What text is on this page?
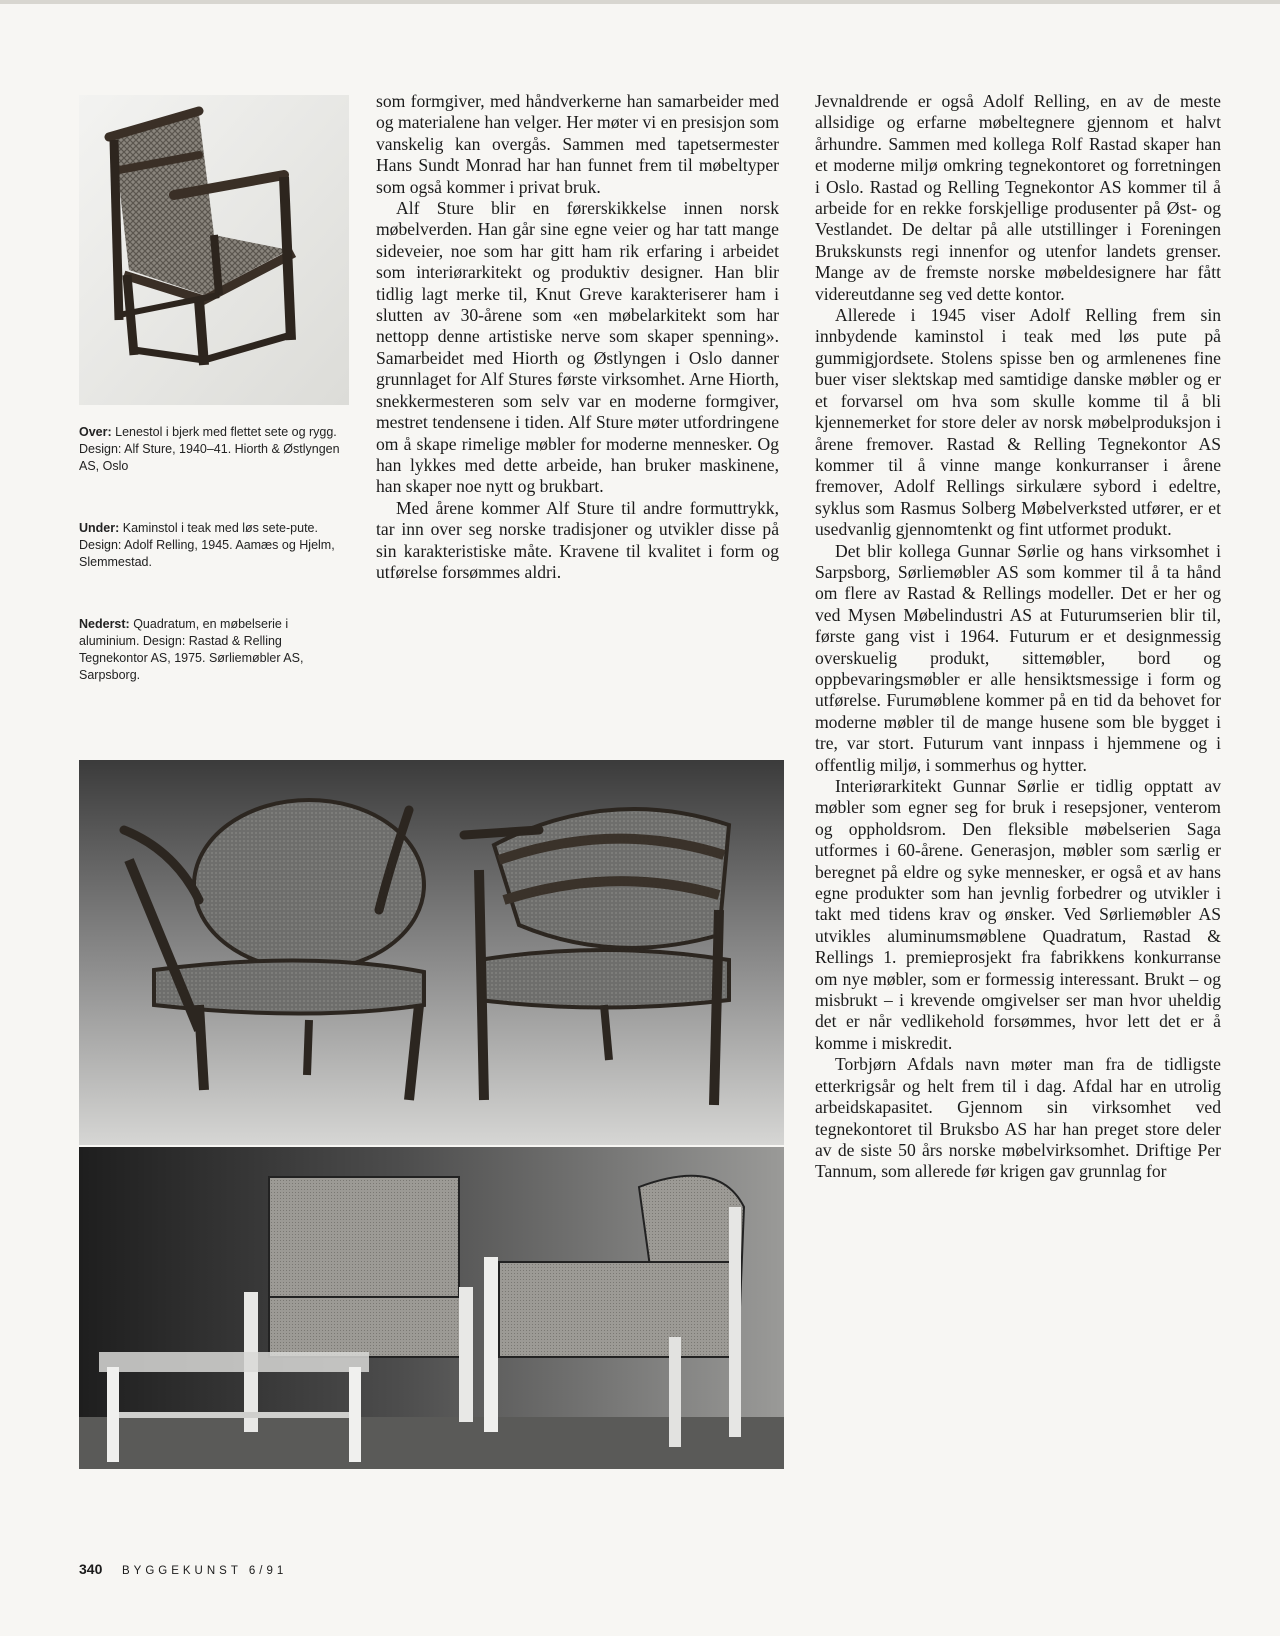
Over: Lenestol i bjerk med flettet sete og rygg. Design: Alf Sture, 1940–41. Hiorth & Østlyngen AS, Oslo

Under: Kaminstol i teak med løs sete-pute. Design: Adolf Relling, 1945. Aamæs og Hjelm, Slemmestad.

Nederst: Quadratum, en møbelserie i aluminium. Design: Rastad & Relling Tegnekontor AS, 1975. Sørliemøbler AS, Sarpsborg.

som formgiver, med håndverkerne han samarbeider med og materialene han velger. Her møter vi en presisjon som vanskelig kan overgås. Sammen med tapetsermester Hans Sundt Monrad har han funnet frem til møbeltyper som også kommer i privat bruk.

Alf Sture blir en førerskikkelse innen norsk møbelverden. Han går sine egne veier og har tatt mange sideveier, noe som har gitt ham rik erfaring i arbeidet som interiørarkitekt og produktiv designer. Han blir tidlig lagt merke til, Knut Greve karakteriserer ham i slutten av 30-årene som «en møbelarkitekt som har nettopp denne artistiske nerve som skaper spenning». Samarbeidet med Hiorth og Østlyngen i Oslo danner grunnlaget for Alf Stures første virksomhet. Arne Hiorth, snekkermesteren som selv var en moderne formgiver, mestret tendensene i tiden. Alf Sture møter utfordringene om å skape rimelige møbler for moderne mennesker. Og han lykkes med dette arbeide, han bruker maskinene, han skaper noe nytt og brukbart.

Med årene kommer Alf Sture til andre formuttrykk, tar inn over seg norske tradisjoner og utvikler disse på sin karakteristiske måte. Kravene til kvalitet i form og utførelse forsømmes aldri.

Jevnaldrende er også Adolf Relling, en av de meste allsidige og erfarne møbeltegnere gjennom et halvt århundre. Sammen med kollega Rolf Rastad skaper han et moderne miljø omkring tegnekontoret og forretningen i Oslo. Rastad og Relling Tegnekontor AS kommer til å arbeide for en rekke forskjellige produsenter på Øst- og Vestlandet. De deltar på alle utstillinger i Foreningen Brukskunsts regi innenfor og utenfor landets grenser. Mange av de fremste norske møbeldesignere har fått videreutdanne seg ved dette kontor.

Allerede i 1945 viser Adolf Relling frem sin innbydende kaminstol i teak med løs pute på gummigjordsete. Stolens spisse ben og armlenenes fine buer viser slektskap med samtidige danske møbler og er et forvarsel om hva som skulle komme til å bli kjennemerket for store deler av norsk møbelproduksjon i årene fremover. Rastad & Relling Tegnekontor AS kommer til å vinne mange konkurranser i årene fremover, Adolf Rellings sirkulære sybord i edeltre, syklus som Rasmus Solberg Møbelverksted utfører, er et usedvanlig gjennomtenkt og fint utformet produkt.

Det blir kollega Gunnar Sørlie og hans virksomhet i Sarpsborg, Sørliemøbler AS som kommer til å ta hånd om flere av Rastad & Rellings modeller. Det er her og ved Mysen Møbelindustri AS at Futurumserien blir til, første gang vist i 1964. Futurum er et designmessig overskuelig produkt, sittemøbler, bord og oppbevaringsmøbler er alle hensiktsmessige i form og utførelse. Furumøblene kommer på en tid da behovet for moderne møbler til de mange husene som ble bygget i tre, var stort. Futurum vant innpass i hjemmene og i offentlig miljø, i sommerhus og hytter.

Interiørarkitekt Gunnar Sørlie er tidlig opptatt av møbler som egner seg for bruk i resepsjoner, venterom og oppholdsrom. Den fleksible møbelserien Saga utformes i 60-årene. Generasjon, møbler som særlig er beregnet på eldre og syke mennesker, er også et av hans egne produkter som han jevnlig forbedrer og utvikler i takt med tidens krav og ønsker. Ved Sørliemøbler AS utvikles aluminumsmøblene Quadratum, Rastad & Rellings 1. premieprosjekt fra fabrikkens konkurranse om nye møbler, som er formessig interessant. Brukt – og misbrukt – i krevende omgivelser ser man hvor uheldig det er når vedlikehold forsømmes, hvor lett det er å komme i miskredit.

Torbjørn Afdals navn møter man fra de tidligste etterkrigsår og helt frem til i dag. Afdal har en utrolig arbeidskapasitet. Gjennom sin virksomhet ved tegnekontoret til Bruksbo AS har han preget store deler av de siste 50 års norske møbelvirksomhet. Driftige Per Tannum, som allerede før krigen gav grunnlag for

340 BYGGEKUNST 6/91
